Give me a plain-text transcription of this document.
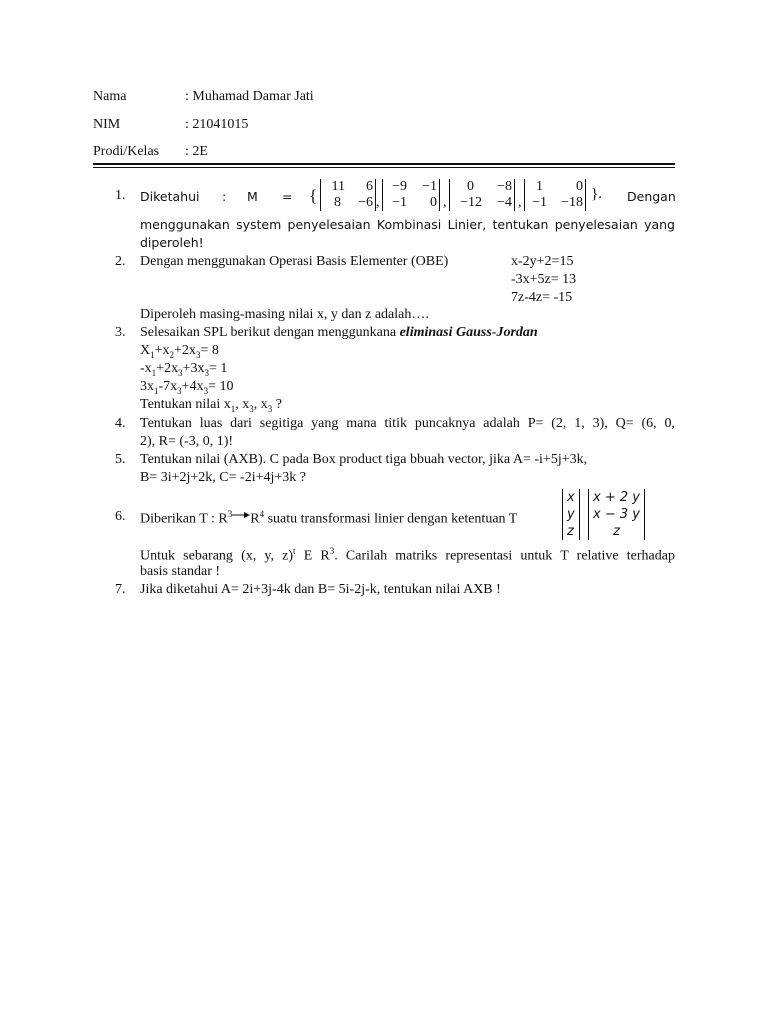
Nama	: Muhamad Damar Jati
NIM	: 21041015
Prodi/Kelas : 2E
1. Diketahui : M = {	11	6
8	−6 ,
−9	−1
−1	0 ,
0	−8
−12	−4 ,
1	0
−1	−18
}. Dengan
menggunakan system penyelesaian Kombinasi Linier, tentukan penyelesaian yang
diperoleh!
2. Dengan menggunakan Operasi Basis Elementer (OBE)	x-2y+2=15
-3x+5z= 13
7z-4z= -15
Diperoleh masing-masing nilai x, y dan z adalah….
3. Selesaikan SPL berikut dengan menggunkana eliminasi Gauss-Jordan
$X_1+x_2+2x_3= 8$
$-x_1+2x_3+3x_3= 1$
$3x_1-7x_3+4x_3= 10$
Tentukan nilai $x_1$, $x_3$, $x_3$ ?
4. Tentukan luas dari segitiga yang mana titik puncaknya adalah P= (2, 1, 3), Q= (6, 0,
2), R= (-3, 0, 1)!
5. Tentukan nilai (AXB). C pada Box product tiga bbuah vector, jika A= -i+5j+3k,
B= 3i+2j+2k, C= -2i+4j+3k ?
6. Diberikan T : $R^3$ $R^4$ suatu transformasi linier dengan ketentuan T
x
y
z
x + 2 y
x − 3 y
z
Untuk sebarang (x, y, z)$^t$ E $R^3$. Carilah matriks representasi untuk T relative terhadap
basis standar !
7. Jika diketahui A= 2i+3j-4k dan B= 5i-2j-k, tentukan nilai AXB !
